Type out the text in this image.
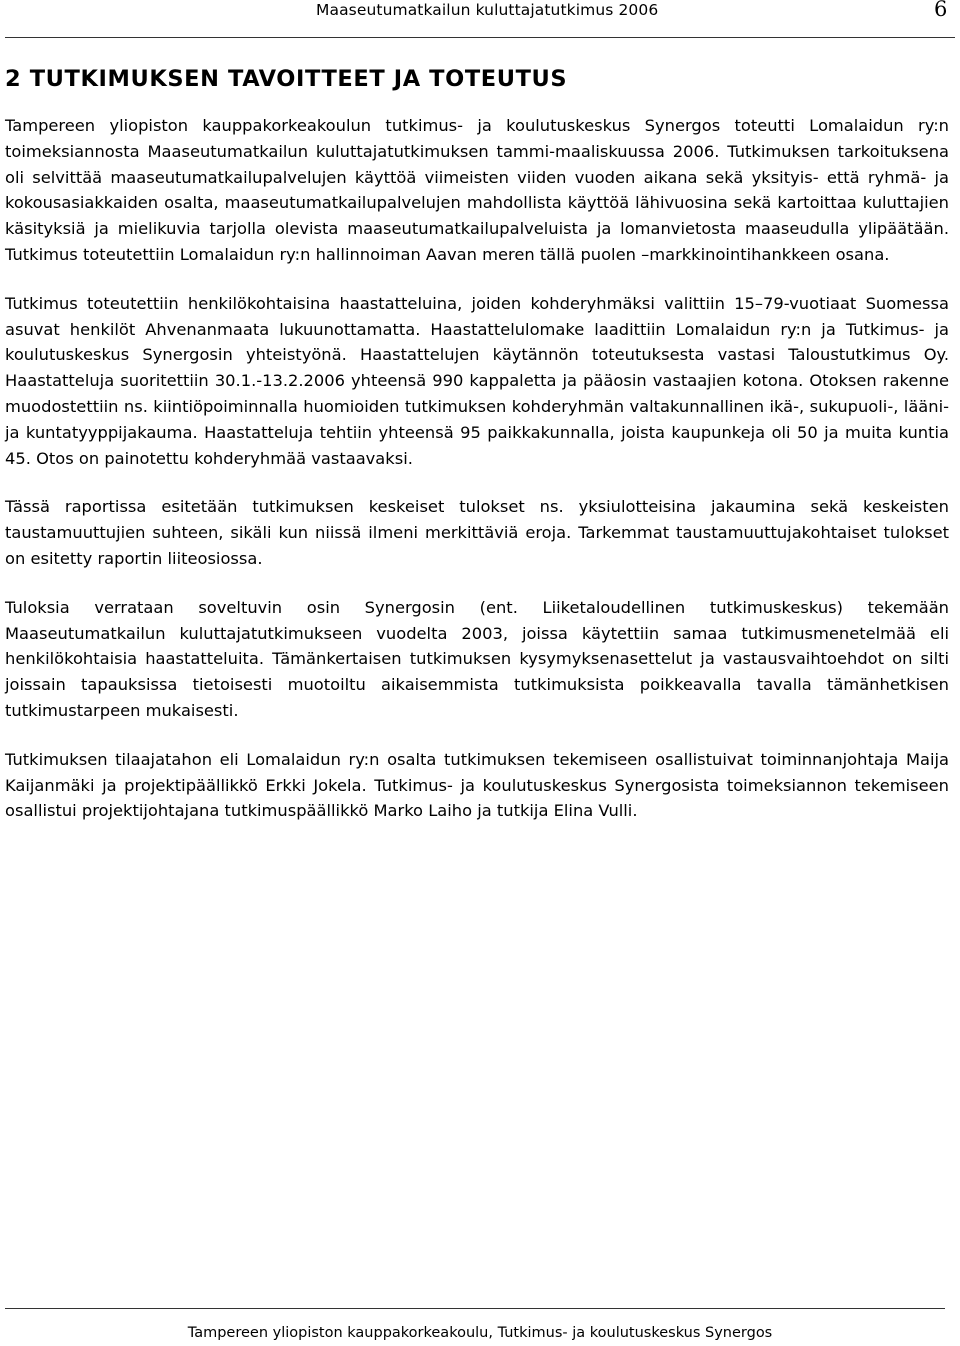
Maaseutumatkailun kuluttajatutkimus 2006	6
2 TUTKIMUKSEN TAVOITTEET JA TOTEUTUS

Tampereen yliopiston kauppakorkeakoulun tutkimus- ja koulutuskeskus Synergos toteutti Lomalaidun ry:n toimeksiannosta Maaseutumatkailun kuluttajatutkimuksen tammi-maaliskuussa 2006. Tutkimuksen tarkoituksena oli selvittää maaseutumatkailupalvelujen käyttöä viimeisten viiden vuoden aikana sekä yksityis- että ryhmä- ja kokousasiakkaiden osalta, maaseutumatkailupalvelujen mahdollista käyttöä lähivuosina sekä kartoittaa kuluttajien käsityksiä ja mielikuvia tarjolla olevista maaseutumatkailupalveluista ja lomanvietosta maaseudulla ylipäätään. Tutkimus toteutettiin Lomalaidun ry:n hallinnoiman Aavan meren tällä puolen –markkinointihankkeen osana.

Tutkimus toteutettiin henkilökohtaisina haastatteluina, joiden kohderyhmäksi valittiin 15–79-vuotiaat Suomessa asuvat henkilöt Ahvenanmaata lukuunottamatta. Haastattelulomake laadittiin Lomalaidun ry:n ja Tutkimus- ja koulutuskeskus Synergosin yhteistyönä. Haastattelujen käytännön toteutuksesta vastasi Taloustutkimus Oy. Haastatteluja suoritettiin 30.1.-13.2.2006 yhteensä 990 kappaletta ja pääosin vastaajien kotona. Otoksen rakenne muodostettiin ns. kiintiöpoiminnalla huomioiden tutkimuksen kohderyhmän valtakunnallinen ikä-, sukupuoli-, lääni- ja kuntatyyppijakauma. Haastatteluja tehtiin yhteensä 95 paikkakunnalla, joista kaupunkeja oli 50 ja muita kuntia 45. Otos on painotettu kohderyhmää vastaavaksi.

Tässä raportissa esitetään tutkimuksen keskeiset tulokset ns. yksiulotteisina jakaumina sekä keskeisten taustamuuttujien suhteen, sikäli kun niissä ilmeni merkittäviä eroja. Tarkemmat taustamuuttujakohtaiset tulokset on esitetty raportin liiteosiossa.

Tuloksia verrataan soveltuvin osin Synergosin (ent. Liiketaloudellinen tutkimuskeskus) tekemään Maaseutumatkailun kuluttajatutkimukseen vuodelta 2003, joissa käytettiin samaa tutkimusmenetelmää eli henkilökohtaisia haastatteluita. Tämänkertaisen tutkimuksen kysymyksenasettelut ja vastausvaihtoehdot on silti joissain tapauksissa tietoisesti muotoiltu aikaisemmista tutkimuksista poikkeavalla tavalla tämänhetkisen tutkimustarpeen mukaisesti.

Tutkimuksen tilaajatahon eli Lomalaidun ry:n osalta tutkimuksen tekemiseen osallistuivat toiminnanjohtaja Maija Kaijanmäki ja projektipäällikkö Erkki Jokela. Tutkimus- ja koulutuskeskus Synergosista toimeksiannon tekemiseen osallistui projektijohtajana tutkimuspäällikkö Marko Laiho ja tutkija Elina Vulli.

Tampereen yliopiston kauppakorkeakoulu, Tutkimus- ja koulutuskeskus Synergos
